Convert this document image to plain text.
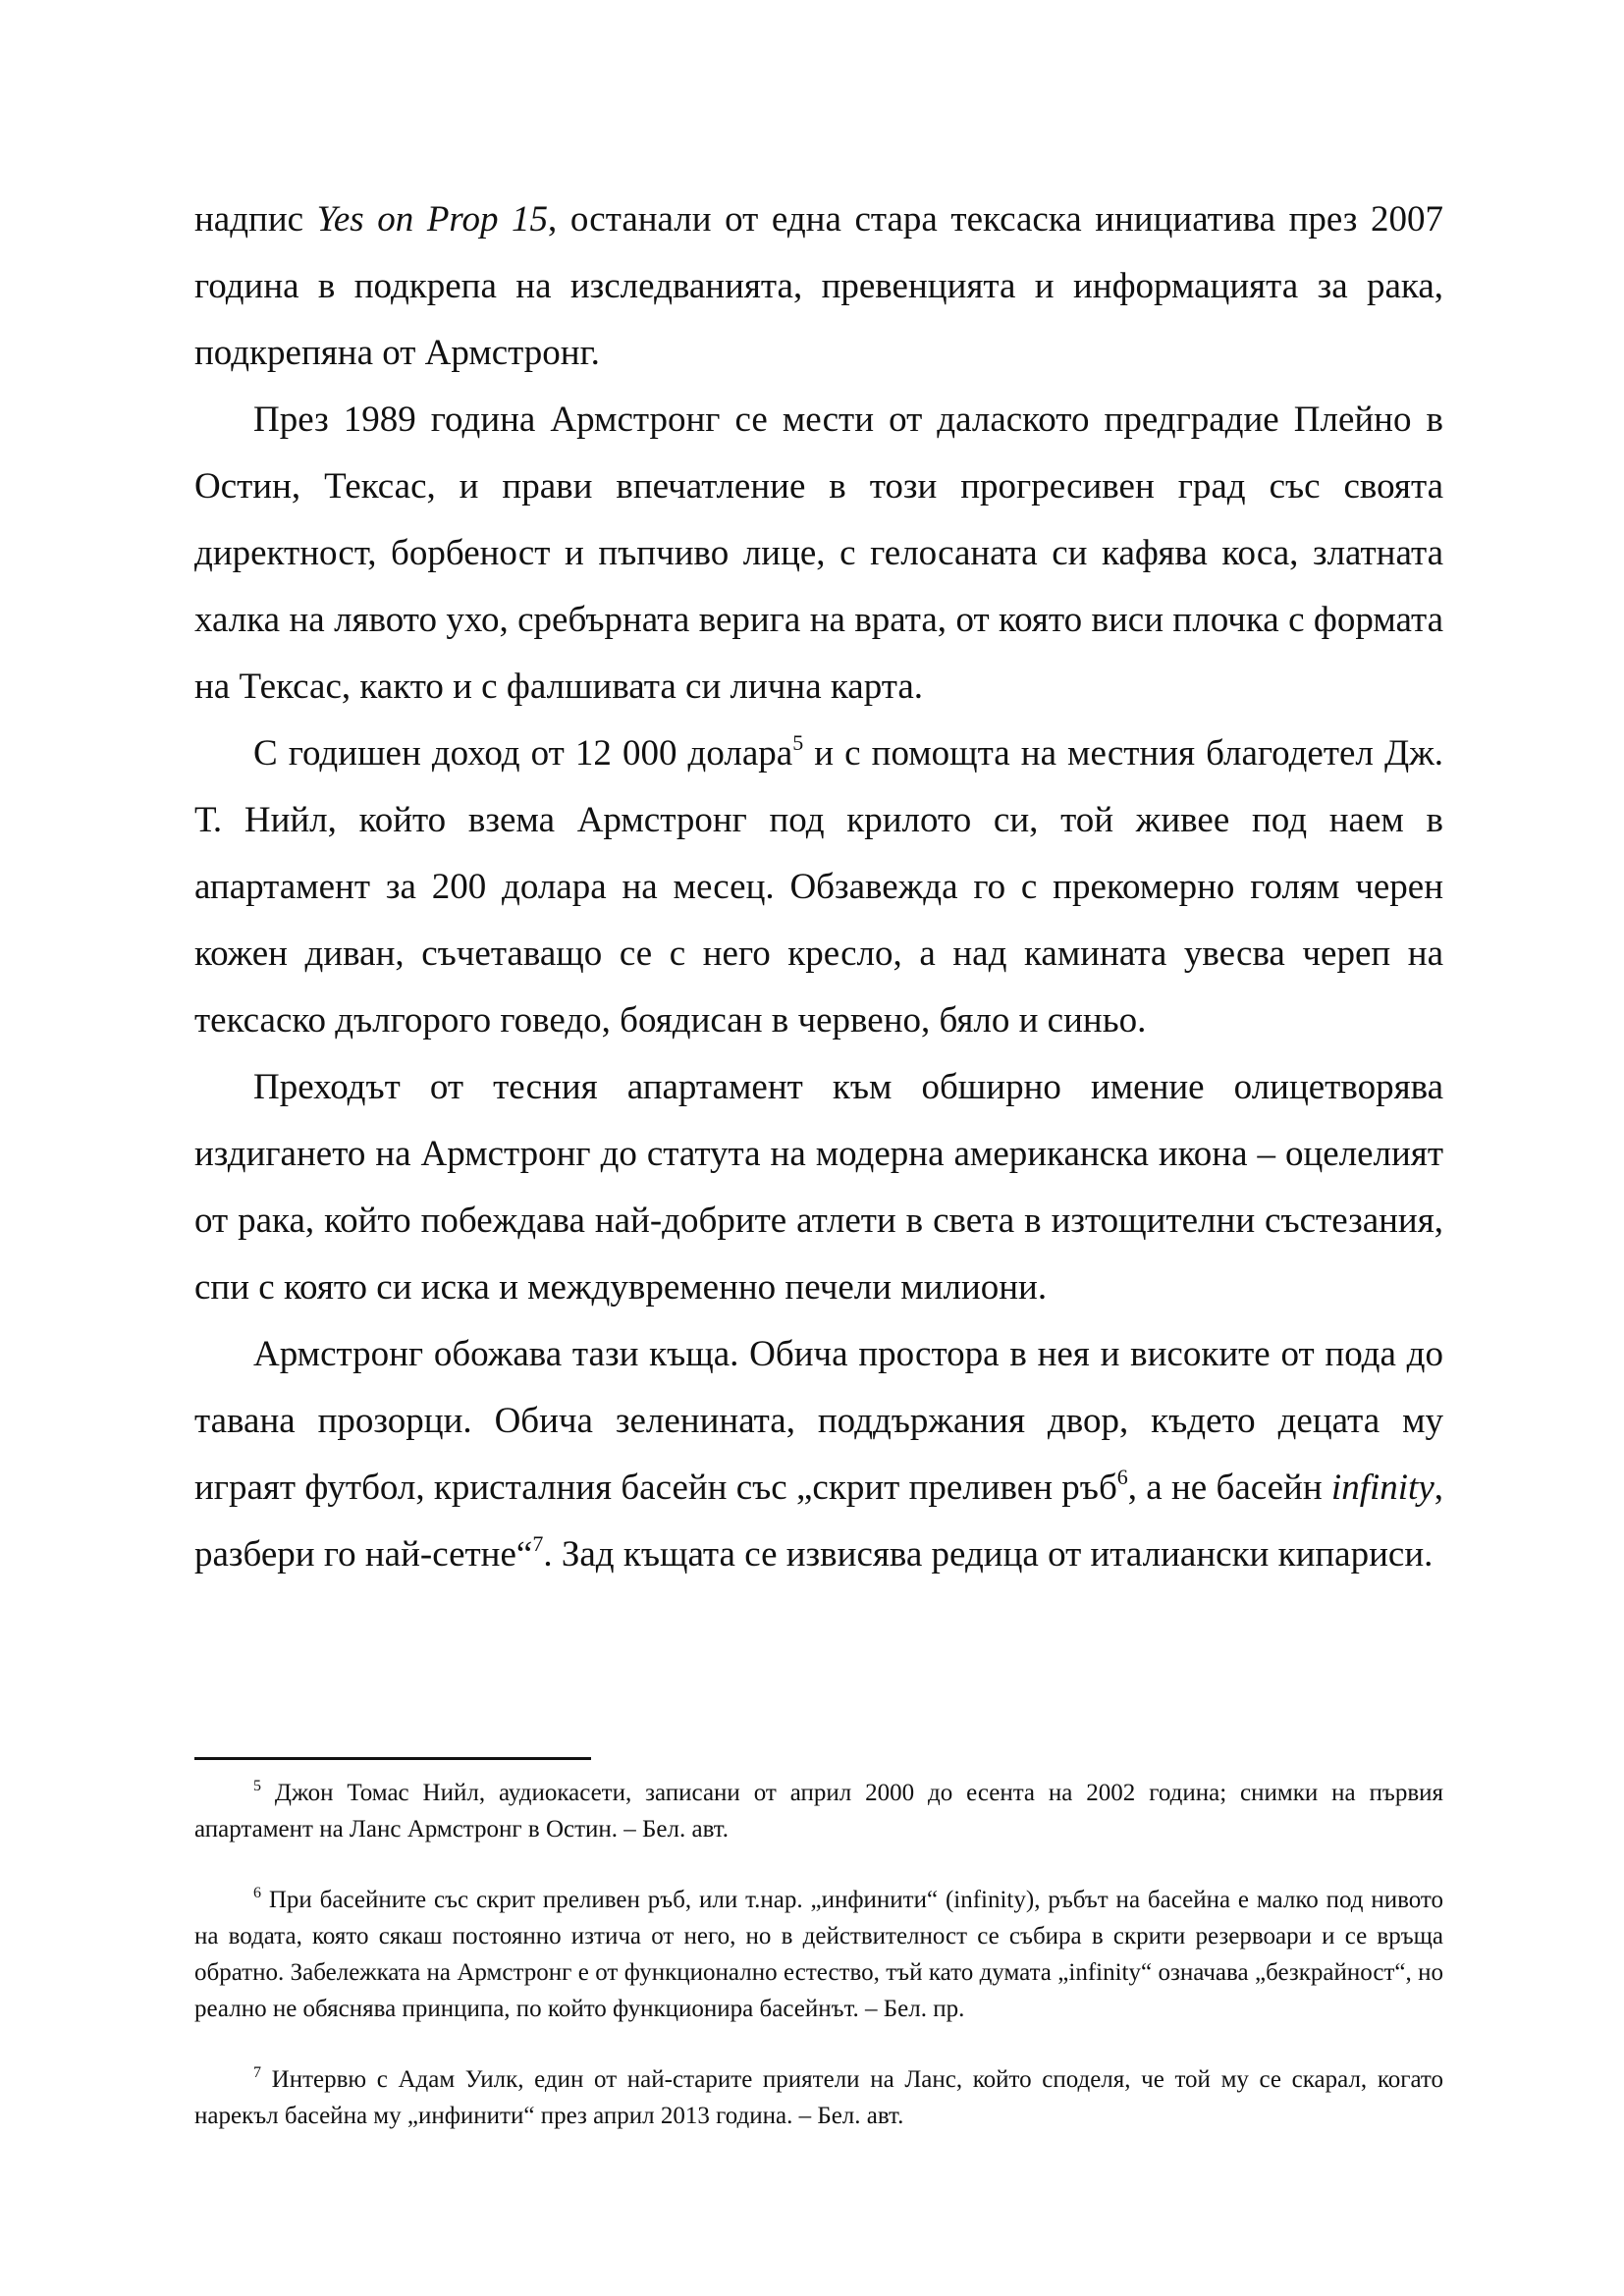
надпис Yes on Prop 15, останали от една стара тексаска инициатива през 2007 година в подкрепа на изследванията, превенцията и информацията за рака, подкрепяна от Армстронг.

През 1989 година Армстронг се мести от далаското предградие Плейно в Остин, Тексас, и прави впечатление в този прогресивен град със своята директност, борбеност и пъпчиво лице, с гелосаната си кафява коса, златната халка на лявото ухо, сребърната верига на врата, от която виси плочка с формата на Тексас, както и с фалшивата си лична карта.

С годишен доход от 12 000 долара$^5$ и с помощта на местния благодетел Дж. Т. Нийл, който взема Армстронг под крилото си, той живее под наем в апартамент за 200 долара на месец. Обзавежда го с прекомерно голям черен кожен диван, съчетаващо се с него кресло, а над камината увесва череп на тексаско дългорого говедо, боядисан в червено, бяло и синьо.

Преходът от тесния апартамент към обширно имение олицетворява издигането на Армстронг до статута на модерна американска икона – оцелелият от рака, който побеждава най-добрите атлети в света в изтощителни състезания, спи с която си иска и междувременно печели милиони.

Армстронг обожава тази къща. Обича простора в нея и високите от пода до тавана прозорци. Обича зеленината, поддържания двор, където децата му играят футбол, кристалния басейн със „скрит преливен ръб$^6$, а не басейн infinity, разбери го най-сетне“$^7$. Зад къщата се извисява редица от италиански кипариси.

$^5$ Джон Томас Нийл, аудиокасети, записани от април 2000 до есента на 2002 година; снимки на първия апартамент на Ланс Армстронг в Остин. – Бел. авт.

$^6$ При басейните със скрит преливен ръб, или т.нар. „инфинити“ (infinity), ръбът на басейна е малко под нивото на водата, която сякаш постоянно изтича от него, но в действителност се събира в скрити резервоари и се връща обратно. Забележката на Армстронг е от функционално естество, тъй като думата „infinity“ означава „безкрайност“, но реално не обяснява принципа, по който функционира басейнът. – Бел. пр.

$^7$ Интервю с Адам Уилк, един от най-старите приятели на Ланс, който споделя, че той му се скарал, когато нарекъл басейна му „инфинити“ през април 2013 година. – Бел. авт.
